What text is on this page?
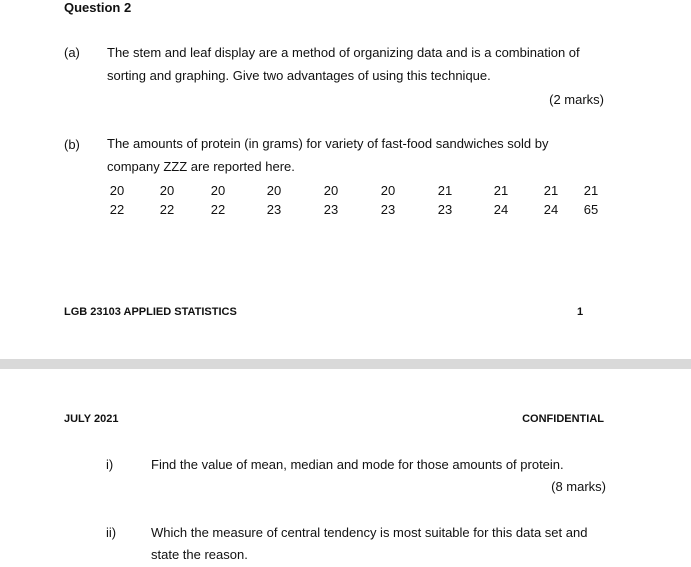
Question 2
(a) The stem and leaf display are a method of organizing data and is a combination of
sorting and graphing. Give two advantages of using this technique.
(2 marks)
(b) The amounts of protein (in grams) for variety of fast-food sandwiches sold by
company ZZZ are reported here.
20	20	20	20	20	20	21	21	21 21
22	22	22	23	23	23	23	24	24 65
LGB 23103 APPLIED STATISTICS	1
JULY 2021	CONFIDENTIAL
i)	Find the value of mean, median and mode for those amounts of protein.
(8 marks)
ii)	Which the measure of central tendency is most suitable for this data set and
state the reason.
